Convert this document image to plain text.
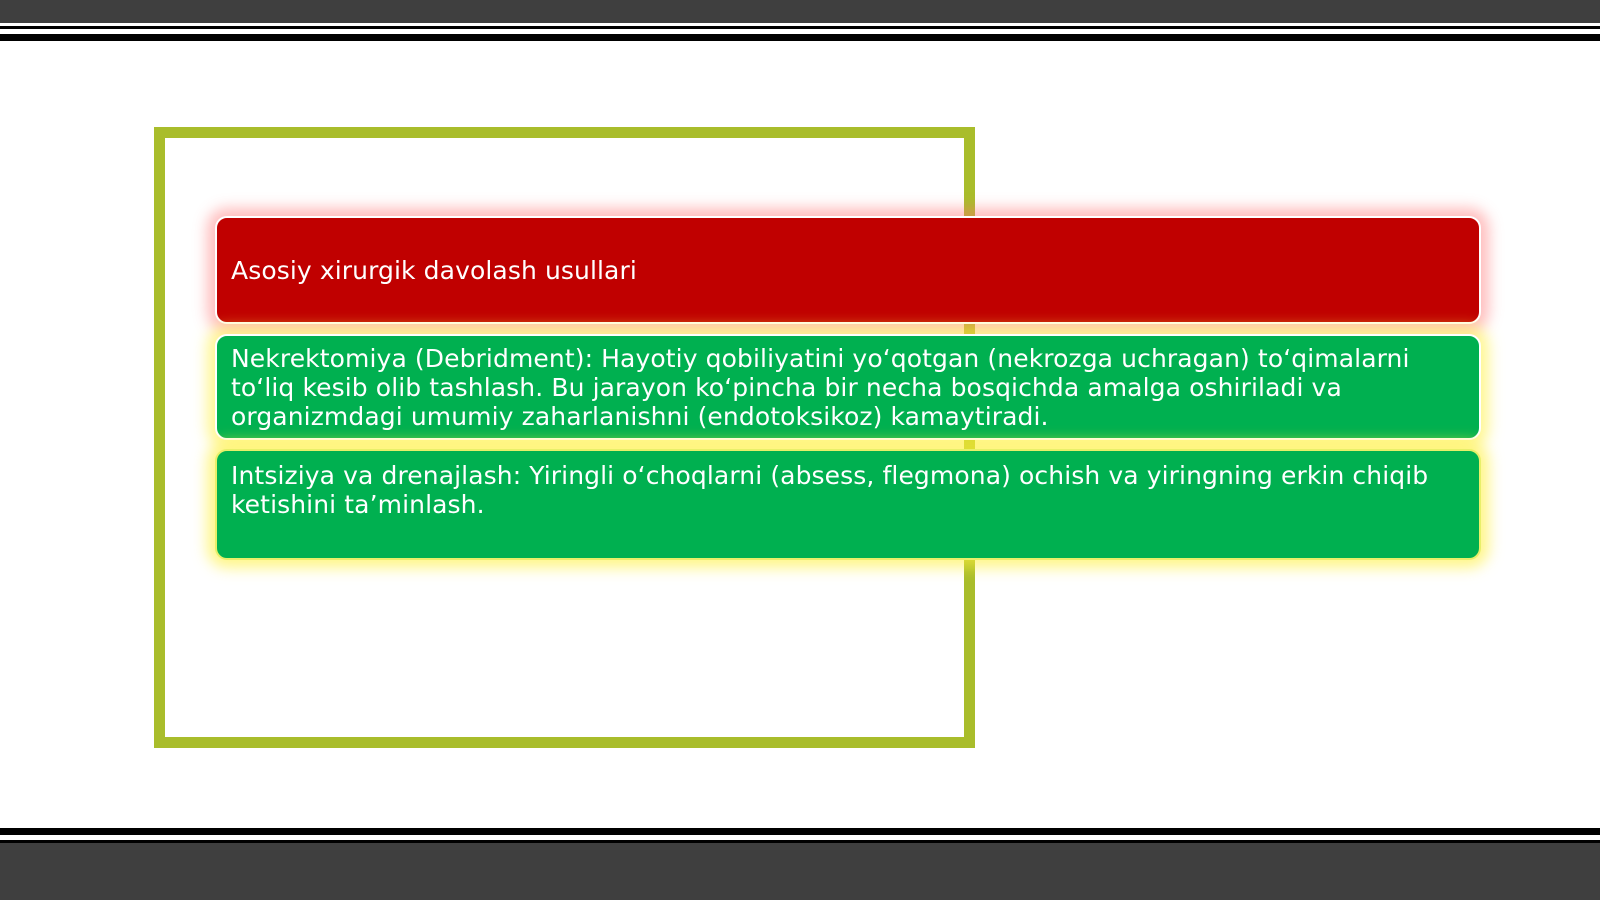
Asosiy xirurgik davolash usullari
Nekrektomiya (Debridment): Hayotiy qobiliyatini yo‘qotgan (nekrozga uchragan) to‘qimalarni to‘liq kesib olib tashlash. Bu jarayon ko‘pincha bir necha bosqichda amalga oshiriladi va organizmdagi umumiy zaharlanishni (endotoksikoz) kamaytiradi.
Intsiziya va drenajlash: Yiringli o‘choqlarni (absess, flegmona) ochish va yiringning erkin chiqib ketishini ta’minlash.
